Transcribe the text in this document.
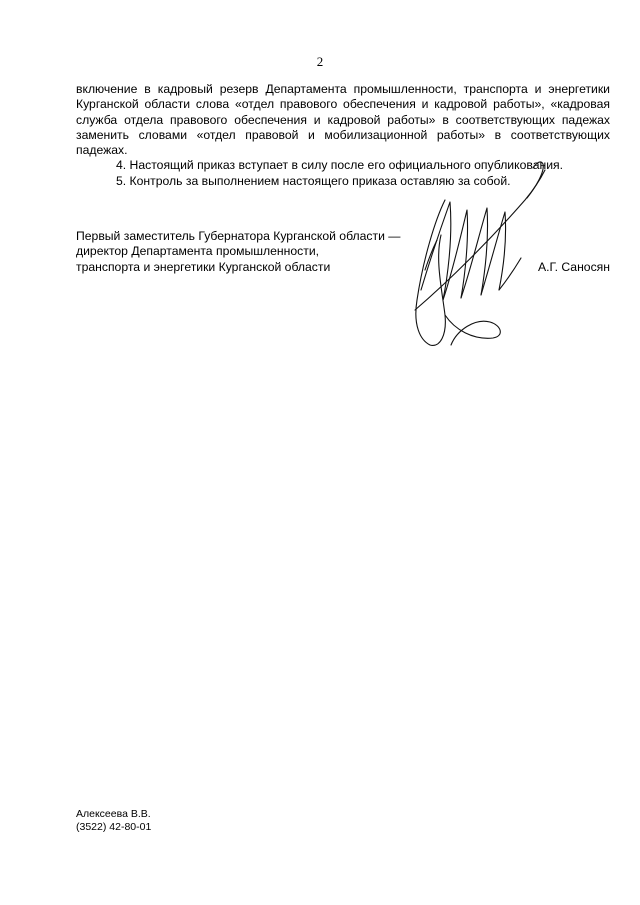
2

включение в кадровый резерв Департамента промышленности, транспорта и энергетики Курганской области слова «отдел правового обеспечения и кадровой работы», «кадровая служба отдела правового обеспечения и кадровой работы» в соответствующих падежах заменить словами «отдел правовой и мобилизационной работы» в соответствующих падежах.

4. Настоящий приказ вступает в силу после его официального опубликования.

5. Контроль за выполнением настоящего приказа оставляю за собой.

Первый заместитель Губернатора Курганской области —
директор Департамента промышленности,
транспорта и энергетики Курганской области	А.Г. Саносян
Алексеева В.В.
(3522) 42-80-01
